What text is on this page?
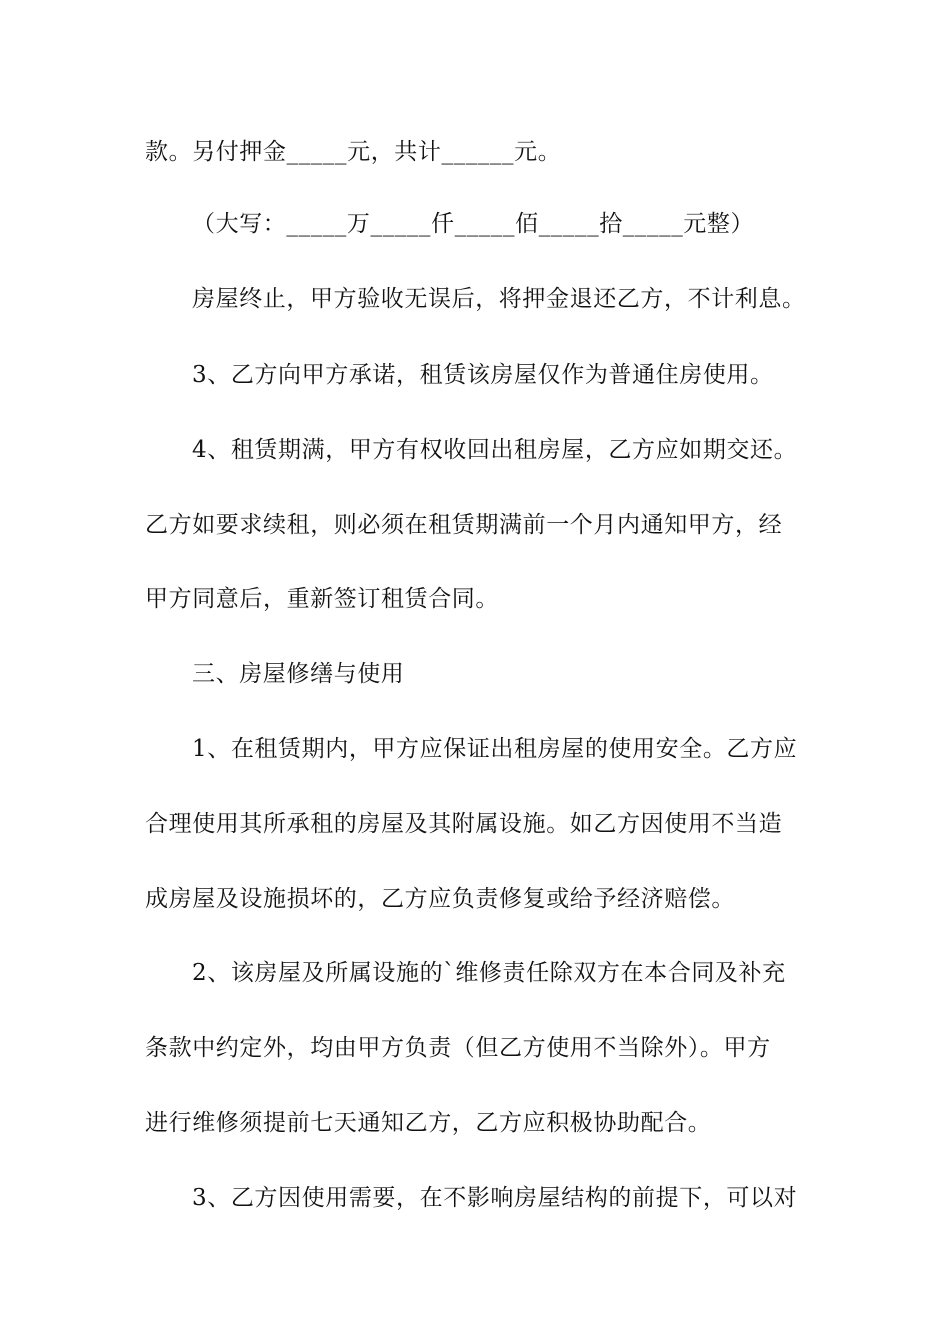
款。另付押金_____元，共计______元。
（大写：_____万_____仟_____佰_____拾_____元整）
房屋终止，甲方验收无误后，将押金退还乙方，不计利息。
3、乙方向甲方承诺，租赁该房屋仅作为普通住房使用。
4、租赁期满，甲方有权收回出租房屋，乙方应如期交还。
乙方如要求续租，则必须在租赁期满前一个月内通知甲方，经
甲方同意后，重新签订租赁合同。
三、房屋修缮与使用
1、在租赁期内，甲方应保证出租房屋的使用安全。乙方应
合理使用其所承租的房屋及其附属设施。如乙方因使用不当造
成房屋及设施损坏的，乙方应负责修复或给予经济赔偿。
2、该房屋及所属设施的`维修责任除双方在本合同及补充
条款中约定外，均由甲方负责（但乙方使用不当除外）。甲方
进行维修须提前七天通知乙方，乙方应积极协助配合。
3、乙方因使用需要，在不影响房屋结构的前提下，可以对
